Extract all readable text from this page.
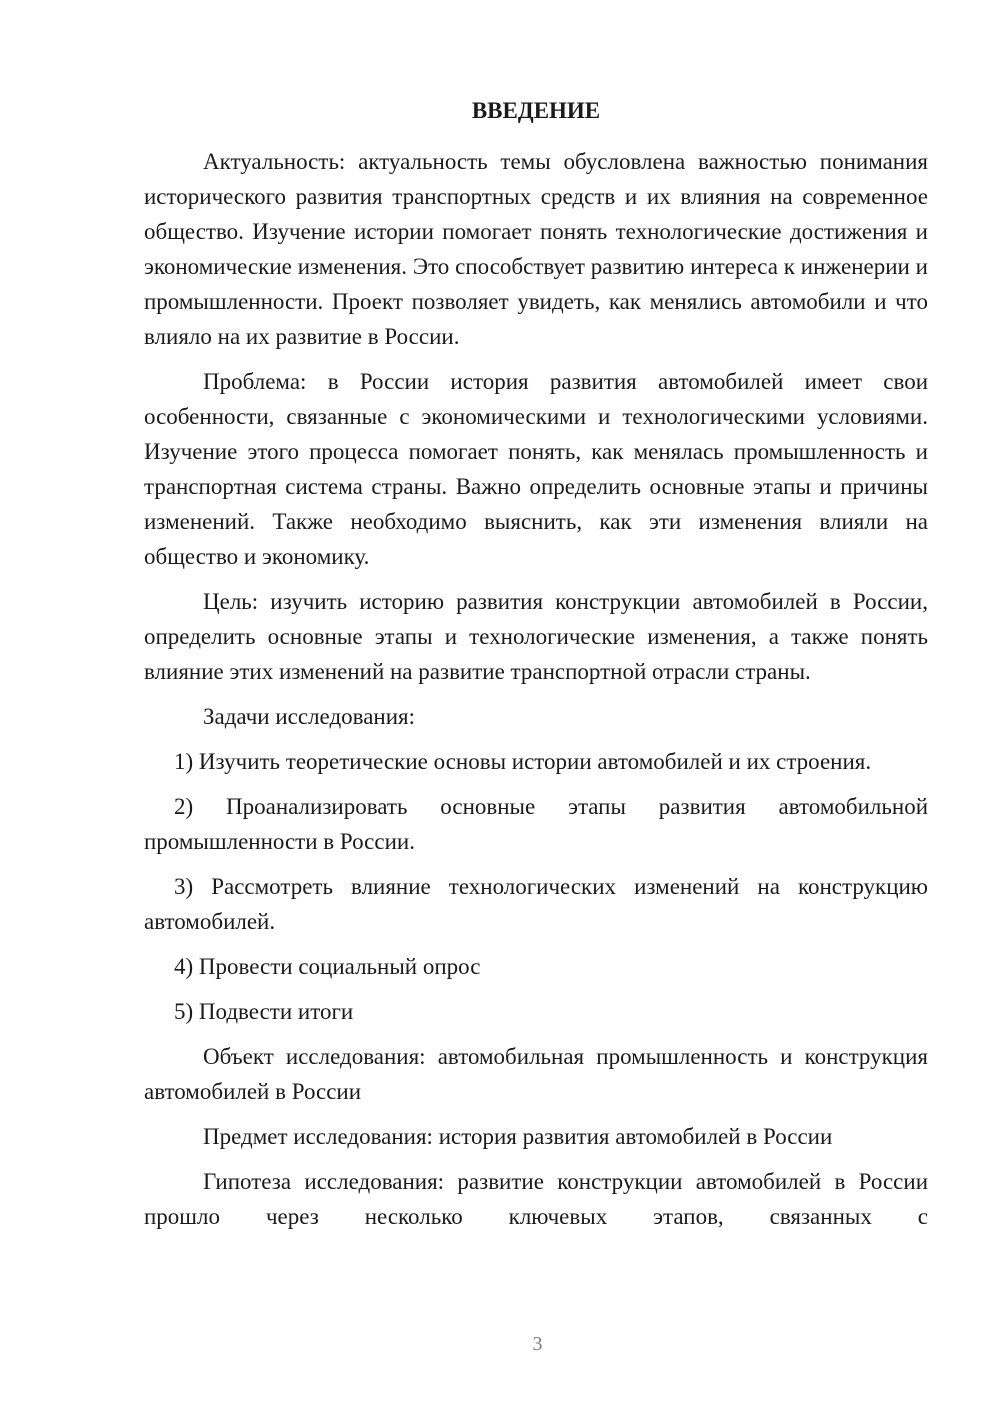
ВВЕДЕНИЕ

Актуальность: актуальность темы обусловлена важностью понимания исторического развития транспортных средств и их влияния на современное общество. Изучение истории помогает понять технологические достижения и экономические изменения. Это способствует развитию интереса к инженерии и промышленности. Проект позволяет увидеть, как менялись автомобили и что влияло на их развитие в России.

Проблема: в России история развития автомобилей имеет свои особенности, связанные с экономическими и технологическими условиями. Изучение этого процесса помогает понять, как менялась промышленность и транспортная система страны. Важно определить основные этапы и причины изменений. Также необходимо выяснить, как эти изменения влияли на общество и экономику.

Цель: изучить историю развития конструкции автомобилей в России, определить основные этапы и технологические изменения, а также понять влияние этих изменений на развитие транспортной отрасли страны.

Задачи исследования:

1) Изучить теоретические основы истории автомобилей и их строения.

2) Проанализировать основные этапы развития автомобильной промышленности в России.

3) Рассмотреть влияние технологических изменений на конструкцию автомобилей.

4) Провести социальный опрос

5) Подвести итоги

Объект исследования: автомобильная промышленность и конструкция автомобилей в России

Предмет исследования: история развития автомобилей в России

Гипотеза исследования: развитие конструкции автомобилей в России прошло через несколько ключевых этапов, связанных с

3
